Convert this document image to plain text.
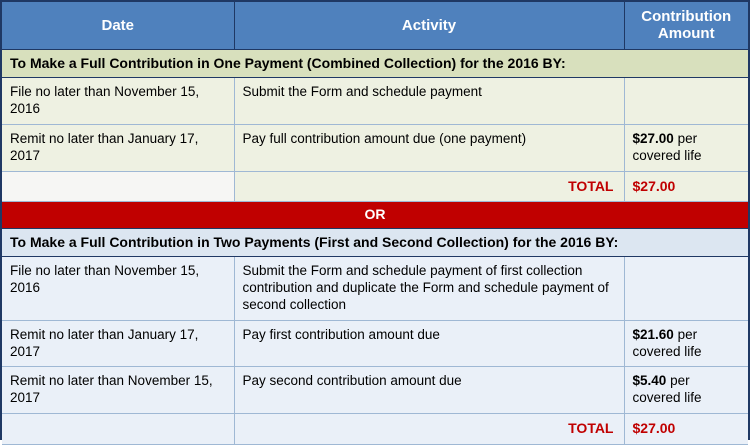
Date	Activity	Contribution Amount
To Make a Full Contribution in One Payment (Combined Collection) for the 2016 BY:		
File no later than November 15, 2016	Submit the Form and schedule payment	

Remit no later than January 17, 2017	Pay full contribution amount due (one payment)	$27.00 per covered life
	TOTAL	$27.00
OR		
To Make a Full Contribution in Two Payments (First and Second Collection) for the 2016 BY:		
File no later than November 15, 2016	Submit the Form and schedule payment of first collection contribution and duplicate the Form and schedule payment of second collection	

Remit no later than January 17, 2017	Pay first contribution amount due	$21.60 per covered life
Remit no later than November 15, 2017	Pay second contribution amount due	$5.40 per covered life
	TOTAL	$27.00
